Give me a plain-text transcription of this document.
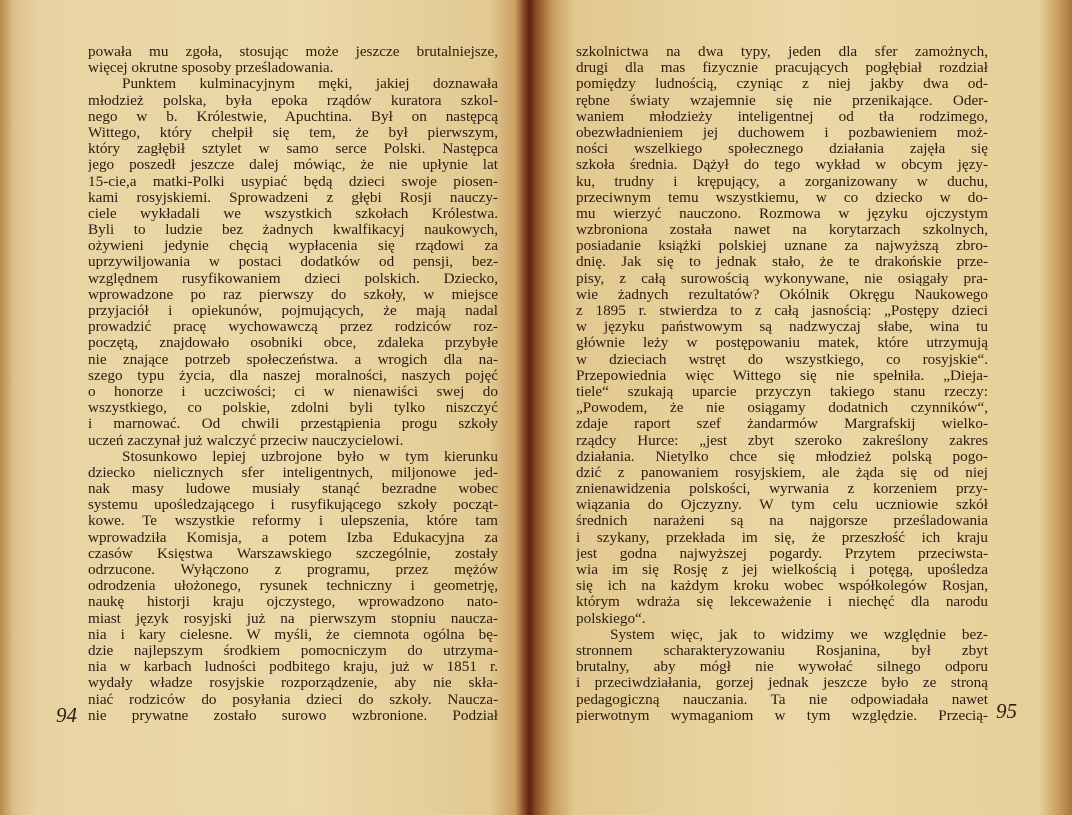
powała mu zgoła, stosując może jeszcze brutalniejsze,
więcej okrutne sposoby prześladowania.
Punktem kulminacyjnym męki, jakiej doznawała
młodzież polska, była epoka rządów kuratora szkol-
nego w b. Królestwie, Apuchtina. Był on następcą
Wittego, który chełpił się tem, że był pierwszym,
który zagłębił sztylet w samo serce Polski. Następca
jego poszedł jeszcze dalej mówiąc, że nie upłynie lat
15-cie,a matki-Polki usypiać będą dzieci swoje piosen-
kami rosyjskiemi. Sprowadzeni z głębi Rosji nauczy-
ciele wykładali we wszystkich szkołach Królestwa.
Byli to ludzie bez żadnych kwalfikacyj naukowych,
ożywieni jedynie chęcią wypłacenia się rządowi za
uprzywiljowania w postaci dodatków od pensji, bez-
względnem rusyfikowaniem dzieci polskich. Dziecko,
wprowadzone po raz pierwszy do szkoły, w miejsce
przyjaciół i opiekunów, pojmujących, że mają nadal
prowadzić pracę wychowawczą przez rodziców roz-
poczętą, znajdowało osobniki obce, zdaleka przybyłe
nie znające potrzeb społeczeństwa. a wrogich dla na-
szego typu życia, dla naszej moralności, naszych pojęć
o honorze i uczciwości; ci w nienawiści swej do
wszystkiego, co polskie, zdolni byli tylko niszczyć
i marnować. Od chwili przestąpienia progu szkoły
uczeń zaczynał już walczyć przeciw nauczycielowi.
Stosunkowo lepiej uzbrojone było w tym kierunku
dziecko nielicznych sfer inteligentnych, miljonowe jed-
nak masy ludowe musiały stanąć bezradne wobec
systemu upośledzającego i rusyfikującego szkoły począt-
kowe. Te wszystkie reformy i ulepszenia, które tam
wprowadziła Komisja, a potem Izba Edukacyjna za
czasów Księstwa Warszawskiego szczególnie, zostały
odrzucone. Wyłączono z programu, przez mężów
odrodzenia ułożonego, rysunek techniczny i geometrję,
naukę historji kraju ojczystego, wprowadzono nato-
miast język rosyjski już na pierwszym stopniu naucza-
nia i kary cielesne. W myśli, że ciemnota ogólna bę-
dzie najlepszym środkiem pomocniczym do utrzyma-
nia w karbach ludności podbitego kraju, już w 1851 r.
wydały władze rosyjskie rozporządzenie, aby nie skła-
niać rodziców do posyłania dzieci do szkoły. Naucza-
nie prywatne zostało surowo wzbronione. Podział
szkolnictwa na dwa typy, jeden dla sfer zamożnych,
drugi dla mas fizycznie pracujących pogłębiał rozdział
pomiędzy ludnością, czyniąc z niej jakby dwa od-
rębne światy wzajemnie się nie przenikające. Oder-
waniem młodzieży inteligentnej od tła rodzimego,
obezwładnieniem jej duchowem i pozbawieniem moż-
ności wszelkiego społecznego działania zajęła się
szkoła średnia. Dążył do tego wykład w obcym języ-
ku, trudny i krępujący, a zorganizowany w duchu,
przeciwnym temu wszystkiemu, w co dziecko w do-
mu wierzyć nauczono. Rozmowa w języku ojczystym
wzbroniona została nawet na korytarzach szkolnych,
posiadanie książki polskiej uznane za najwyższą zbro-
dnię. Jak się to jednak stało, że te drakońskie prze-
pisy, z całą surowością wykonywane, nie osiągały pra-
wie żadnych rezultatów? Okólnik Okręgu Naukowego
z 1895 r. stwierdza to z całą jasnością: „Postępy dzieci
w języku państwowym są nadzwyczaj słabe, wina tu
głównie leży w postępowaniu matek, które utrzymują
w dzieciach wstręt do wszystkiego, co rosyjskie“.
Przepowiednia więc Wittego się nie spełniła. „Dieja-
tiele“ szukają uparcie przyczyn takiego stanu rzeczy:
„Powodem, że nie osiągamy dodatnich czynników“,
zdaje raport szef żandarmów Margrafskij wielko-
rządcy Hurce: „jest zbyt szeroko zakreślony zakres
działania. Nietylko chce się młodzież polską pogo-
dzić z panowaniem rosyjskiem, ale żąda się od niej
znienawidzenia polskości, wyrwania z korzeniem przy-
wiązania do Ojczyzny. W tym celu uczniowie szkół
średnich narażeni są na najgorsze prześladowania
i szykany, przekłada im się, że przeszłość ich kraju
jest godna najwyższej pogardy. Przytem przeciwsta-
wia im się Rosję z jej wielkością i potęgą, upośledza
się ich na każdym kroku wobec współkolegów Rosjan,
którym wdraża się lekceważenie i niechęć dla narodu
polskiego“.
System więc, jak to widzimy we względnie bez-
stronnem scharakteryzowaniu Rosjanina, był zbyt
brutalny, aby mógł nie wywołać silnego odporu
i przeciwdziałania, gorzej jednak jeszcze było ze stroną
pedagogiczną nauczania. Ta nie odpowiadała nawet
pierwotnym wymaganiom w tym względzie. Przecią-
94	95
